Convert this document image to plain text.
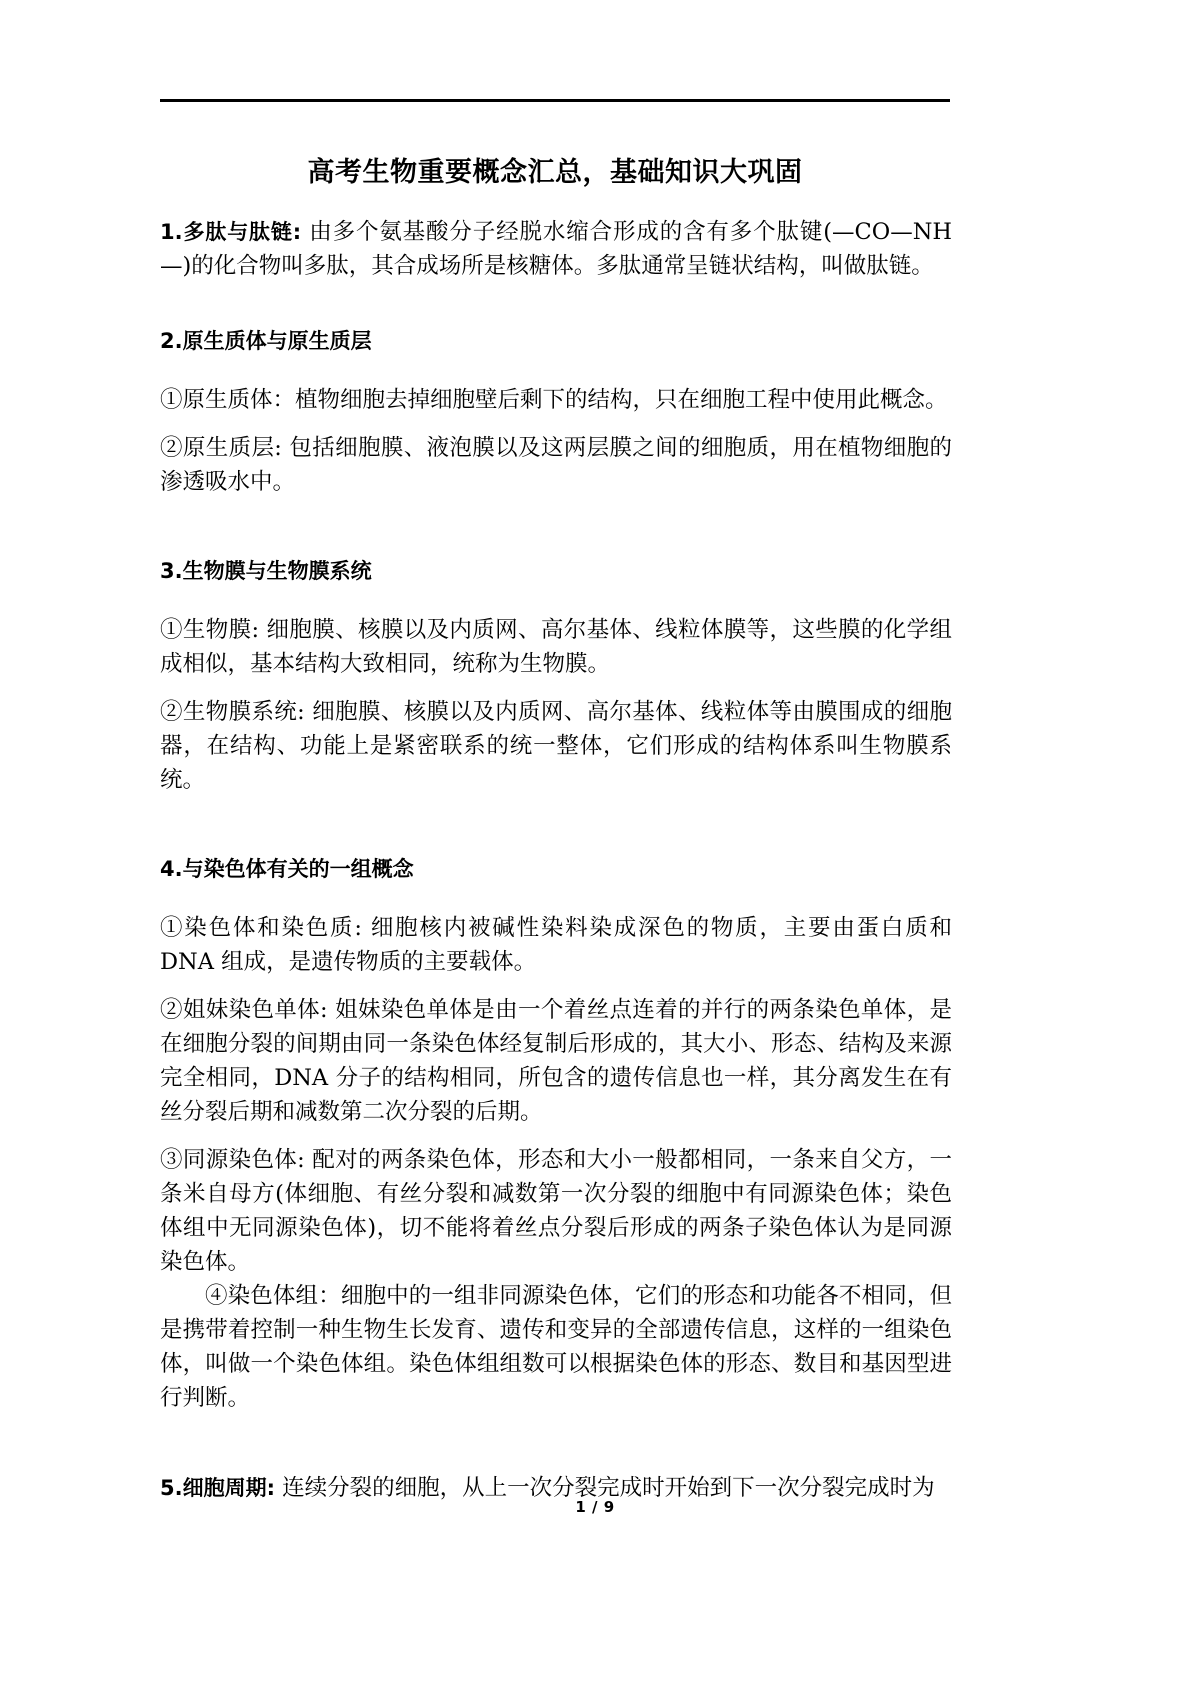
高考生物重要概念汇总，基础知识大巩固

1.多肽与肽链: 由多个氨基酸分子经脱水缩合形成的含有多个肽键(—CO—NH—)的化合物叫多肽，其合成场所是核糖体。多肽通常呈链状结构，叫做肽链。

2.原生质体与原生质层

①原生质体：植物细胞去掉细胞壁后剩下的结构，只在细胞工程中使用此概念。

②原生质层: 包括细胞膜、液泡膜以及这两层膜之间的细胞质，用在植物细胞的渗透吸水中。

3.生物膜与生物膜系统

①生物膜: 细胞膜、核膜以及内质网、高尔基体、线粒体膜等，这些膜的化学组成相似，基本结构大致相同，统称为生物膜。

②生物膜系统: 细胞膜、核膜以及内质网、高尔基体、线粒体等由膜围成的细胞器，在结构、功能上是紧密联系的统一整体，它们形成的结构体系叫生物膜系统。

4.与染色体有关的一组概念

①染色体和染色质: 细胞核内被碱性染料染成深色的物质，主要由蛋白质和 DNA 组成，是遗传物质的主要载体。

②姐妹染色单体: 姐妹染色单体是由一个着丝点连着的并行的两条染色单体，是在细胞分裂的间期由同一条染色体经复制后形成的，其大小、形态、结构及来源完全相同，DNA 分子的结构相同，所包含的遗传信息也一样，其分离发生在有丝分裂后期和减数第二次分裂的后期。

③同源染色体: 配对的两条染色体，形态和大小一般都相同，一条来自父方，一条米自母方(体细胞、有丝分裂和减数第一次分裂的细胞中有同源染色体；染色体组中无同源染色体)，切不能将着丝点分裂后形成的两条子染色体认为是同源染色体。

④染色体组：细胞中的一组非同源染色体，它们的形态和功能各不相同，但是携带着控制一种生物生长发育、遗传和变异的全部遗传信息，这样的一组染色体，叫做一个染色体组。染色体组组数可以根据染色体的形态、数目和基因型进行判断。

5.细胞周期: 连续分裂的细胞，从上一次分裂完成时开始到下一次分裂完成时为

1 / 9
